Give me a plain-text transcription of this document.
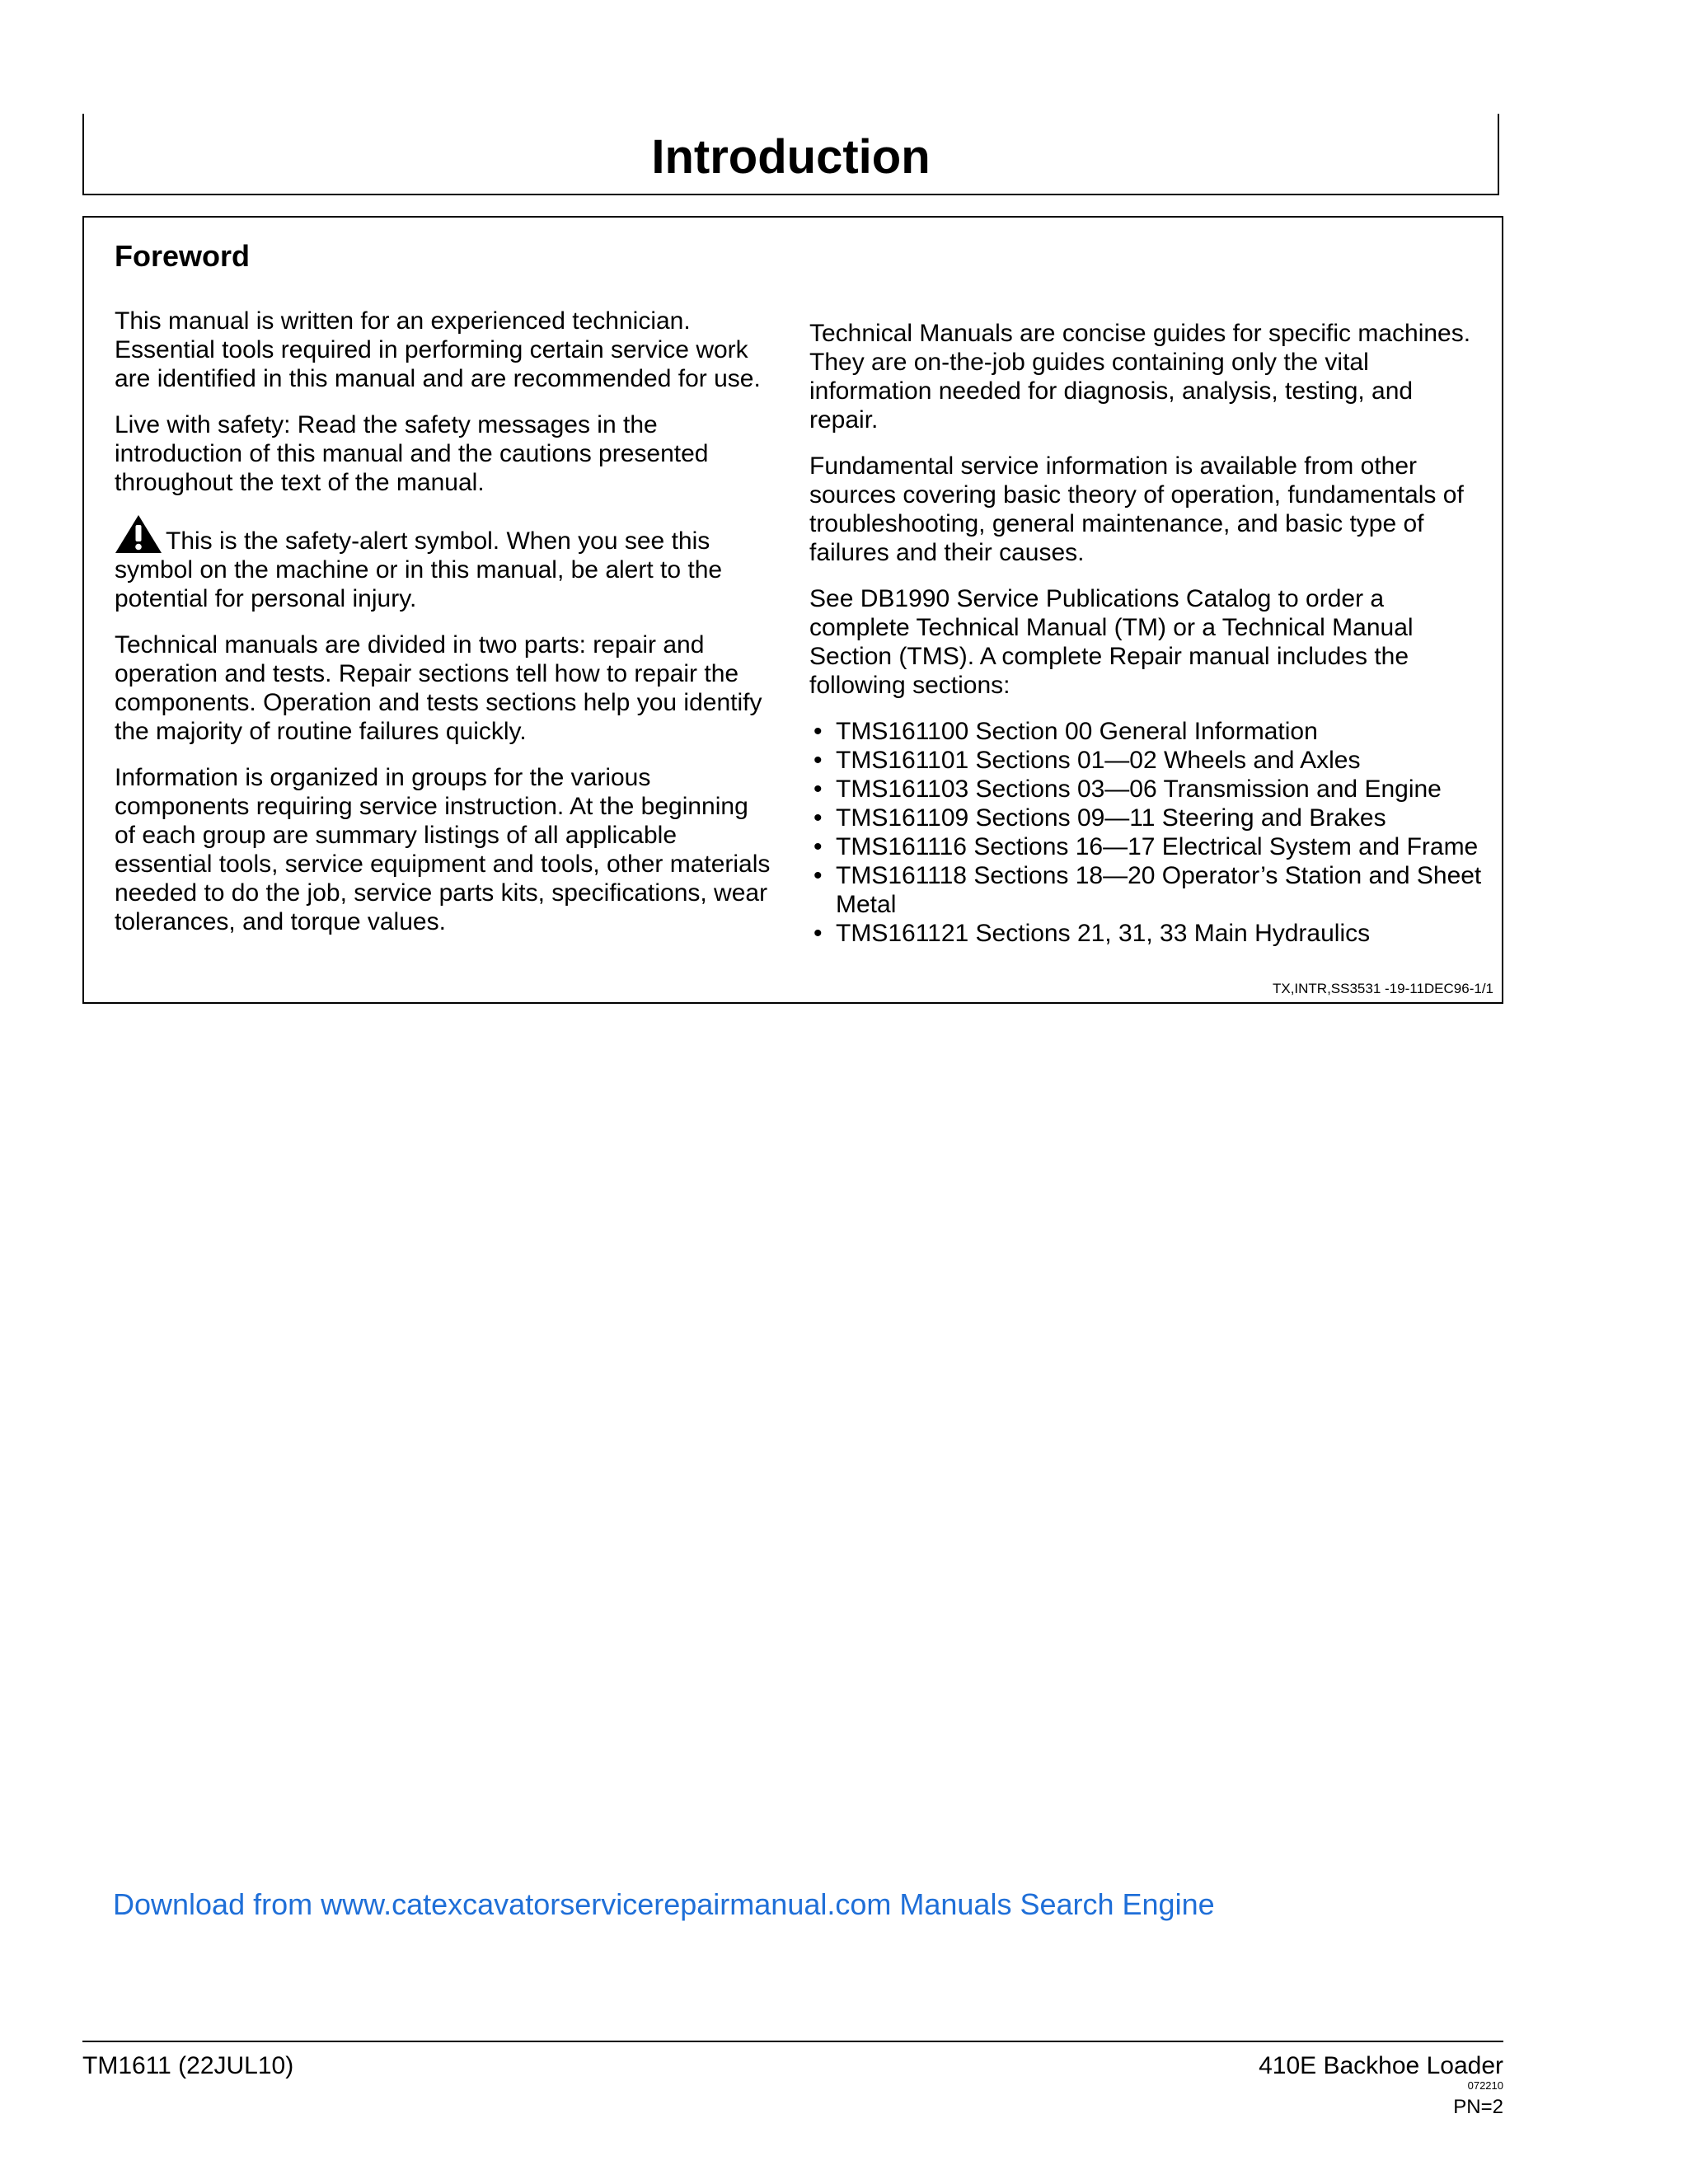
Introduction
Foreword

This manual is written for an experienced technician. Essential tools required in performing certain service work are identified in this manual and are recommended for use.

Live with safety: Read the safety messages in the introduction of this manual and the cautions presented throughout the text of the manual.

This is the safety-alert symbol. When you see this symbol on the machine or in this manual, be alert to the potential for personal injury.

Technical manuals are divided in two parts: repair and operation and tests. Repair sections tell how to repair the components. Operation and tests sections help you identify the majority of routine failures quickly.

Information is organized in groups for the various components requiring service instruction. At the beginning of each group are summary listings of all applicable essential tools, service equipment and tools, other materials needed to do the job, service parts kits, specifications, wear tolerances, and torque values.

Technical Manuals are concise guides for specific machines. They are on-the-job guides containing only the vital information needed for diagnosis, analysis, testing, and repair.

Fundamental service information is available from other sources covering basic theory of operation, fundamentals of troubleshooting, general maintenance, and basic type of failures and their causes.

See DB1990 Service Publications Catalog to order a complete Technical Manual (TM) or a Technical Manual Section (TMS). A complete Repair manual includes the following sections:

• TMS161100 Section 00 General Information
• TMS161101 Sections 01—02 Wheels and Axles
• TMS161103 Sections 03—06 Transmission and Engine
• TMS161109 Sections 09—11 Steering and Brakes
• TMS161116 Sections 16—17 Electrical System and Frame
• TMS161118 Sections 18—20 Operator’s Station and Sheet Metal
• TMS161121 Sections 21, 31, 33 Main Hydraulics
TX,INTR,SS3531 -19-11DEC96-1/1
Download from www.catexcavatorservicerepairmanual.com Manuals Search Engine
TM1611 (22JUL10)	410E Backhoe Loader
072210
PN=2
